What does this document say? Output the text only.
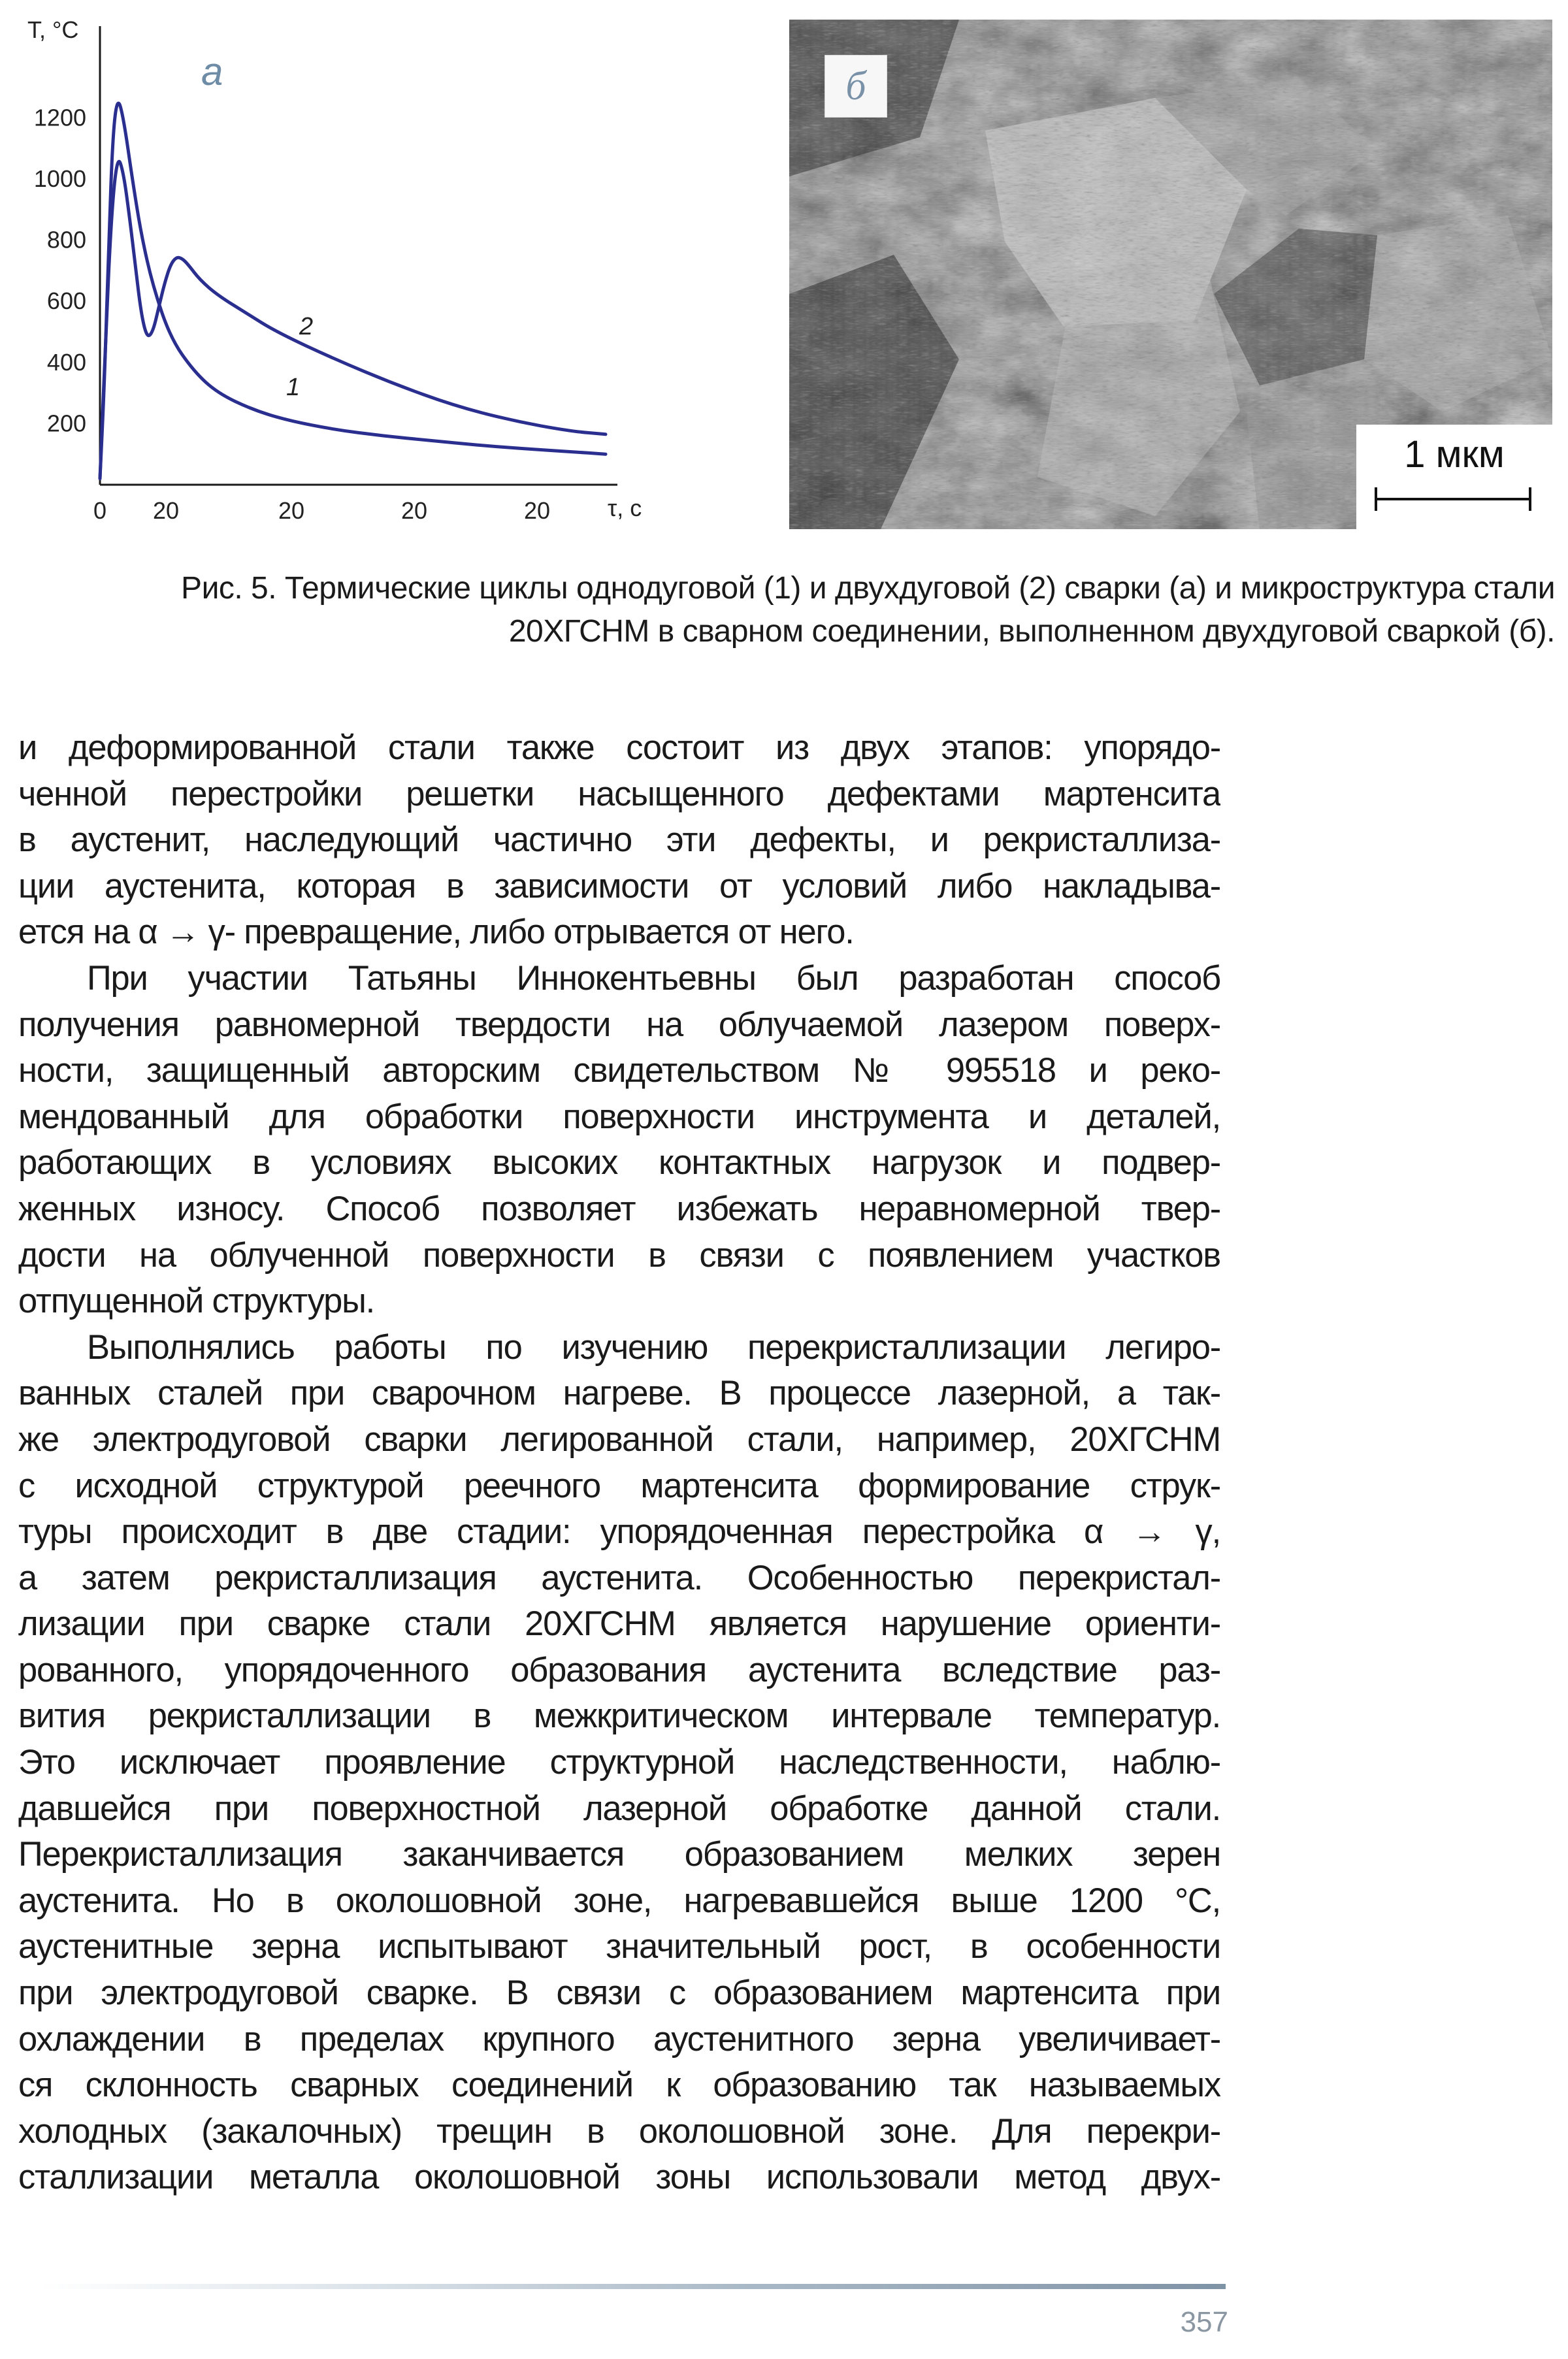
T, °C
а
200
400
600
800
1000
1200
0 20	20	20	20 τ, с
2
1
б
1 мкм
Рис. 5. Термические циклы однодуговой (1) и двухдуговой (2) сварки (а) и микроструктура стали
20ХГСНМ в сварном соединении, выполненном двухдуговой сваркой (б).
и деформированной стали также состоит из двух этапов: упорядо-
ченной перестройки решетки насыщенного дефектами мартенсита
в аустенит, наследующий частично эти дефекты, и рекристаллиза-
ции аустенита, которая в зависимости от условий либо накладыва-
ется на α → γ- превращение, либо отрывается от него.
При участии Татьяны Иннокентьевны был разработан способ
получения равномерной твердости на облучаемой лазером поверх-
ности, защищенный авторским свидетельством № 995518 и реко-
мендованный для обработки поверхности инструмента и деталей,
работающих в условиях высоких контактных нагрузок и подвер-
женных износу. Способ позволяет избежать неравномерной твер-
дости на облученной поверхности в связи с появлением участков
отпущенной структуры.
Выполнялись работы по изучению перекристаллизации легиро-
ванных сталей при сварочном нагреве. В процессе лазерной, а так-
же электродуговой сварки легированной стали, например, 20ХГСНМ
с исходной структурой реечного мартенсита формирование струк-
туры происходит в две стадии: упорядоченная перестройка α → γ,
а затем рекристаллизация аустенита. Особенностью перекристал-
лизации при сварке стали 20ХГСНМ является нарушение ориенти-
рованного, упорядоченного образования аустенита вследствие раз-
вития рекристаллизации в межкритическом интервале температур.
Это исключает проявление структурной наследственности, наблю-
давшейся при поверхностной лазерной обработке данной стали.
Перекристаллизация заканчивается образованием мелких зерен
аустенита. Но в околошовной зоне, нагревавшейся выше 1200 °С,
аустенитные зерна испытывают значительный рост, в особенности
при электродуговой сварке. В связи с образованием мартенсита при
охлаждении в пределах крупного аустенитного зерна увеличивает-
ся склонность сварных соединений к образованию так называемых
холодных (закалочных) трещин в околошовной зоне. Для перекри-
сталлизации металла околошовной зоны использовали метод двух-
357
